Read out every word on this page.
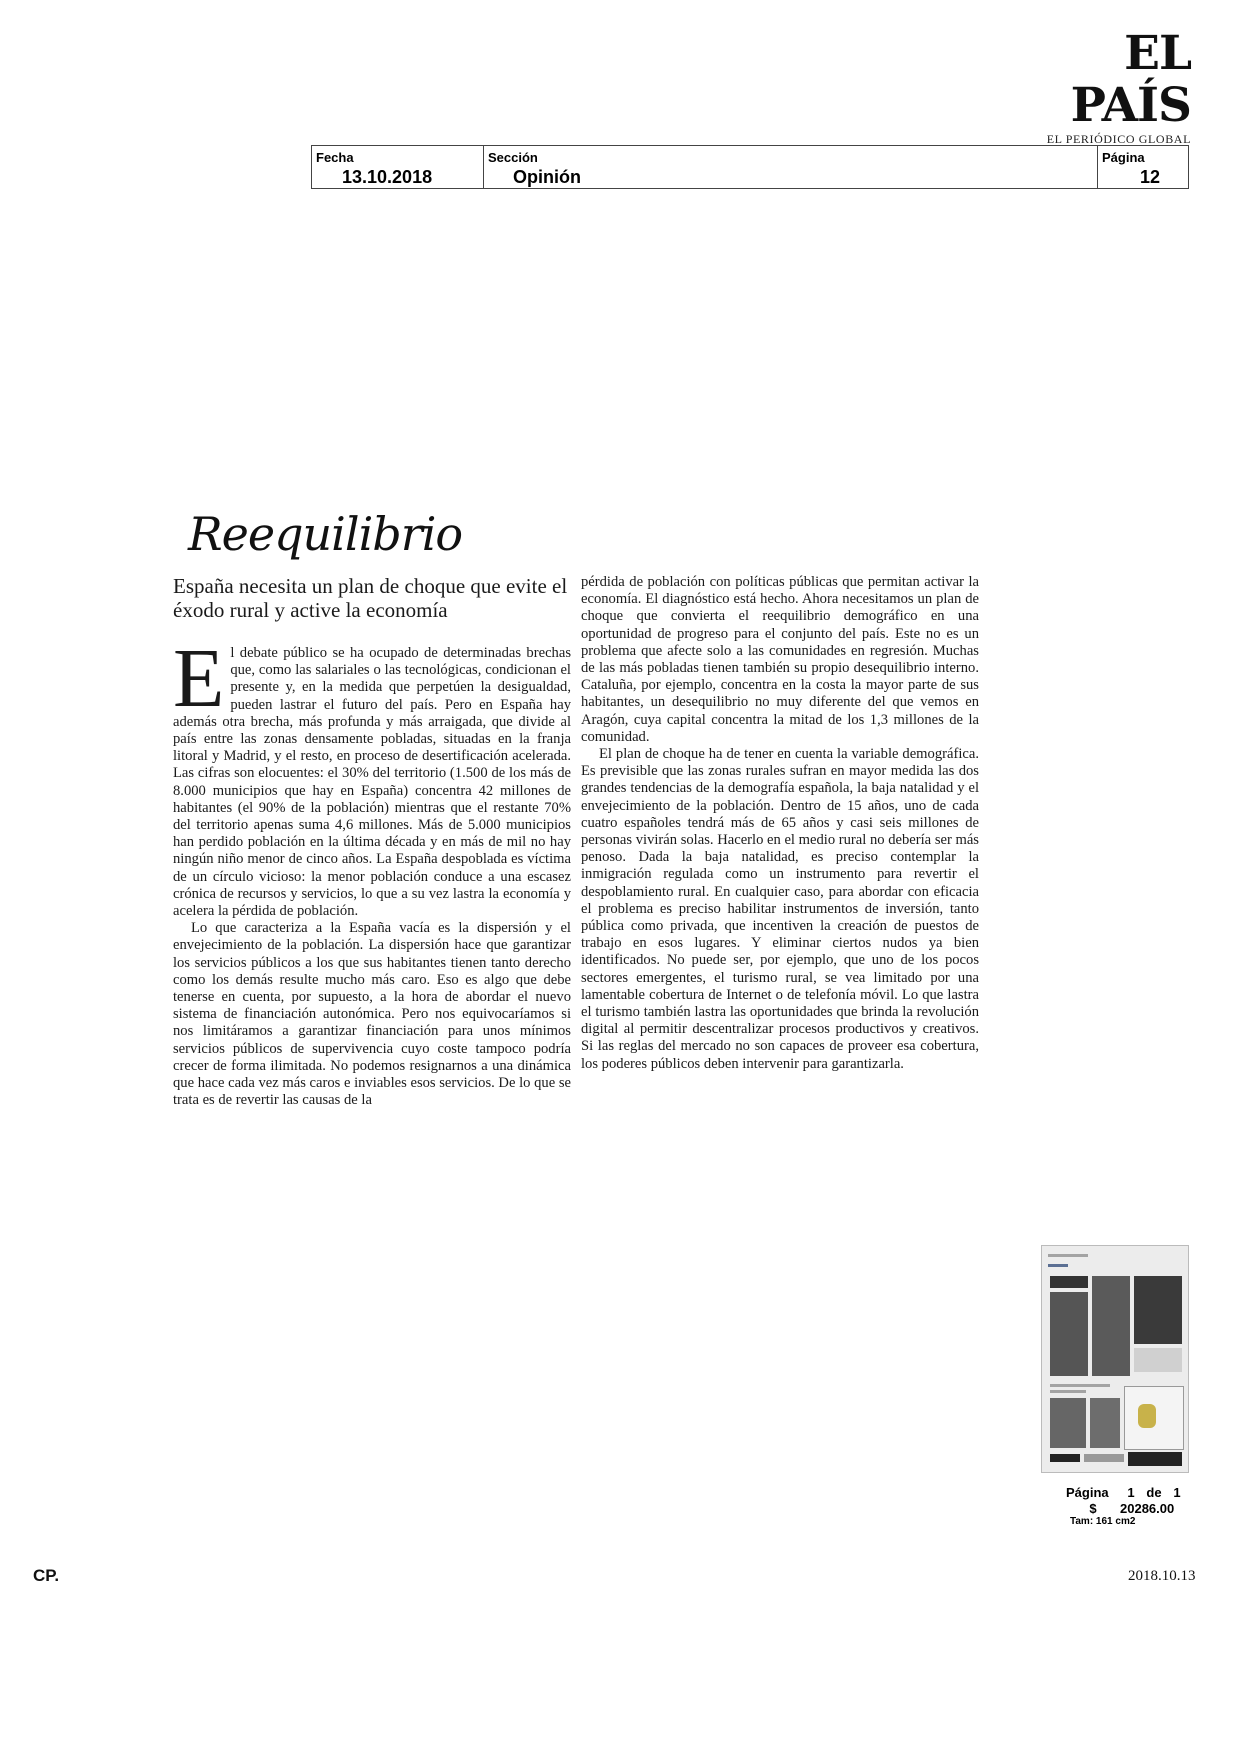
EL PAÍS
EL PERIÓDICO GLOBAL
Fecha
13.10.2018
Sección
Opinión
Página
12
Reequilibrio
España necesita un plan de choque que evite el éxodo rural y active la economía
E l debate público se ha ocupado de determinadas brechas que, como las salariales o las tecnológicas, condicionan el presente y, en la medida que perpetúen la desigualdad, pueden lastrar el futuro del país. Pero en España hay además otra brecha, más profunda y más arraigada, que divide al país entre las zonas densamente pobladas, situadas en la franja litoral y Madrid, y el resto, en proceso de desertificación acelerada. Las cifras son elocuentes: el 30% del territorio (1.500 de los más de 8.000 municipios que hay en España) concentra 42 millones de habitantes (el 90% de la población) mientras que el restante 70% del territorio apenas suma 4,6 millones. Más de 5.000 municipios han perdido población en la última década y en más de mil no hay ningún niño menor de cinco años. La España despoblada es víctima de un círculo vicioso: la menor población conduce a una escasez crónica de recursos y servicios, lo que a su vez lastra la economía y acelera la pérdida de población.

Lo que caracteriza a la España vacía es la dispersión y el envejecimiento de la población. La dispersión hace que garantizar los servicios públicos a los que sus habitantes tienen tanto derecho como los demás resulte mucho más caro. Eso es algo que debe tenerse en cuenta, por supuesto, a la hora de abordar el nuevo sistema de financiación autonómica. Pero nos equivocaríamos si nos limitáramos a garantizar financiación para unos mínimos servicios públicos de supervivencia cuyo coste tampoco podría crecer de forma ilimitada. No podemos resignarnos a una dinámica que hace cada vez más caros e inviables esos servicios. De lo que se trata es de revertir las causas de la

pérdida de población con políticas públicas que permitan activar la economía. El diagnóstico está hecho. Ahora necesitamos un plan de choque que convierta el reequilibrio demográfico en una oportunidad de progreso para el conjunto del país. Este no es un problema que afecte solo a las comunidades en regresión. Muchas de las más pobladas tienen también su propio desequilibrio interno. Cataluña, por ejemplo, concentra en la costa la mayor parte de sus habitantes, un desequilibrio no muy diferente del que vemos en Aragón, cuya capital concentra la mitad de los 1,3 millones de la comunidad.

El plan de choque ha de tener en cuenta la variable demográfica. Es previsible que las zonas rurales sufran en mayor medida las dos grandes tendencias de la demografía española, la baja natalidad y el envejecimiento de la población. Dentro de 15 años, uno de cada cuatro españoles tendrá más de 65 años y casi seis millones de personas vivirán solas. Hacerlo en el medio rural no debería ser más penoso. Dada la baja natalidad, es preciso contemplar la inmigración regulada como un instrumento para revertir el despoblamiento rural. En cualquier caso, para abordar con eficacia el problema es preciso habilitar instrumentos de inversión, tanto pública como privada, que incentiven la creación de puestos de trabajo en esos lugares. Y eliminar ciertos nudos ya bien identificados. No puede ser, por ejemplo, que uno de los pocos sectores emergentes, el turismo rural, se vea limitado por una lamentable cobertura de Internet o de telefonía móvil. Lo que lastra el turismo también lastra las oportunidades que brinda la revolución digital al permitir descentralizar procesos productivos y creativos. Si las reglas del mercado no son capaces de proveer esa cobertura, los poderes públicos deben intervenir para garantizarla.

Página 1 de 1
$ 20286.00
Tam: 161 cm2
CP.	2018.10.13
